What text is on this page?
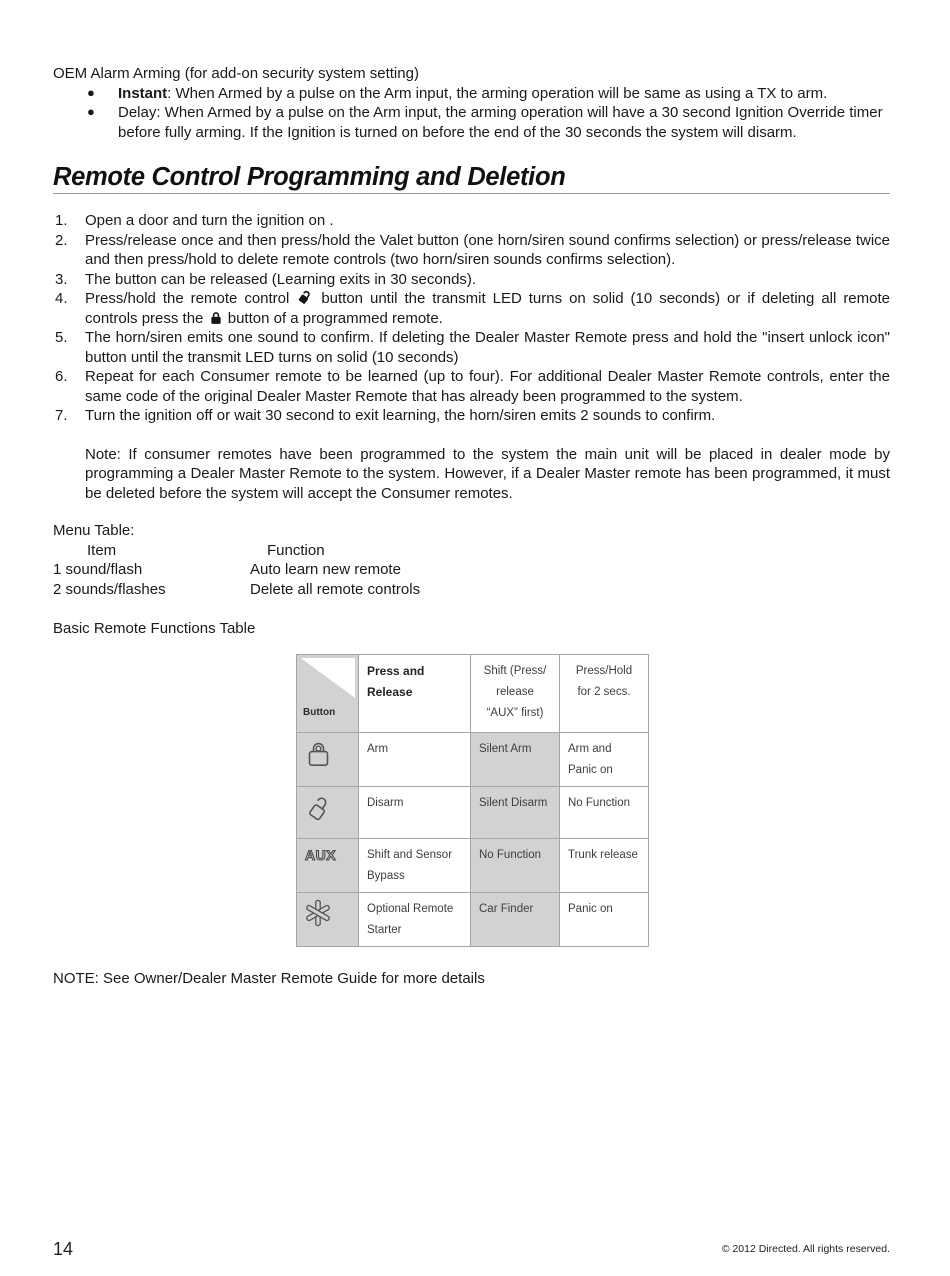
OEM Alarm Arming (for add-on security system setting)

● Instant: When Armed by a pulse on the Arm input, the arming operation will be same as using a TX to arm.
● Delay: When Armed by a pulse on the Arm input, the arming operation will have a 30 second Ignition Override timer before fully arming. If the Ignition is turned on before the end of the 30 seconds the system will disarm.
Remote Control Programming and Deletion
Open a door and turn the ignition on .
Press/release once and then press/hold the Valet button (one horn/siren sound confirms selection) or press/release twice and then press/hold to delete remote controls (two horn/siren sounds confirms selection).
The button can be released (Learning exits in 30 seconds).
Press/hold the remote control button until the transmit LED turns on solid (10 seconds) or if deleting all remote controls press the button of a programmed remote.
The horn/siren emits one sound to confirm. If deleting the Dealer Master Remote press and hold the "insert unlock icon" button until the transmit LED turns on solid (10 seconds)
Repeat for each Consumer remote to be learned (up to four). For additional Dealer Master Remote controls, enter the same code of the original Dealer Master Remote that has already been programmed to the system.
Turn the ignition off or wait 30 second to exit learning, the horn/siren emits 2 sounds to confirm.

Note: If consumer remotes have been programmed to the system the main unit will be placed in dealer mode by programming a Dealer Master Remote to the system. However, if a Dealer Master remote has been programmed, it must be deleted before the system will accept the Consumer remotes.

Menu Table:
Item	Function
1 sound/flash	Auto learn new remote
2 sounds/flashes	Delete all remote controls

Basic Remote Functions Table

Button	Press and Release	Shift (Press/ release “AUX” first)	Press/Hold for 2 secs.
	Arm	Silent Arm	Arm and Panic on
	Disarm	Silent Disarm	No Function
AUX	Shift and Sensor Bypass	No Function	Trunk release
	Optional Remote Starter	Car Finder	Panic on

NOTE: See Owner/Dealer Master Remote Guide for more details

14	© 2012 Directed. All rights reserved.
